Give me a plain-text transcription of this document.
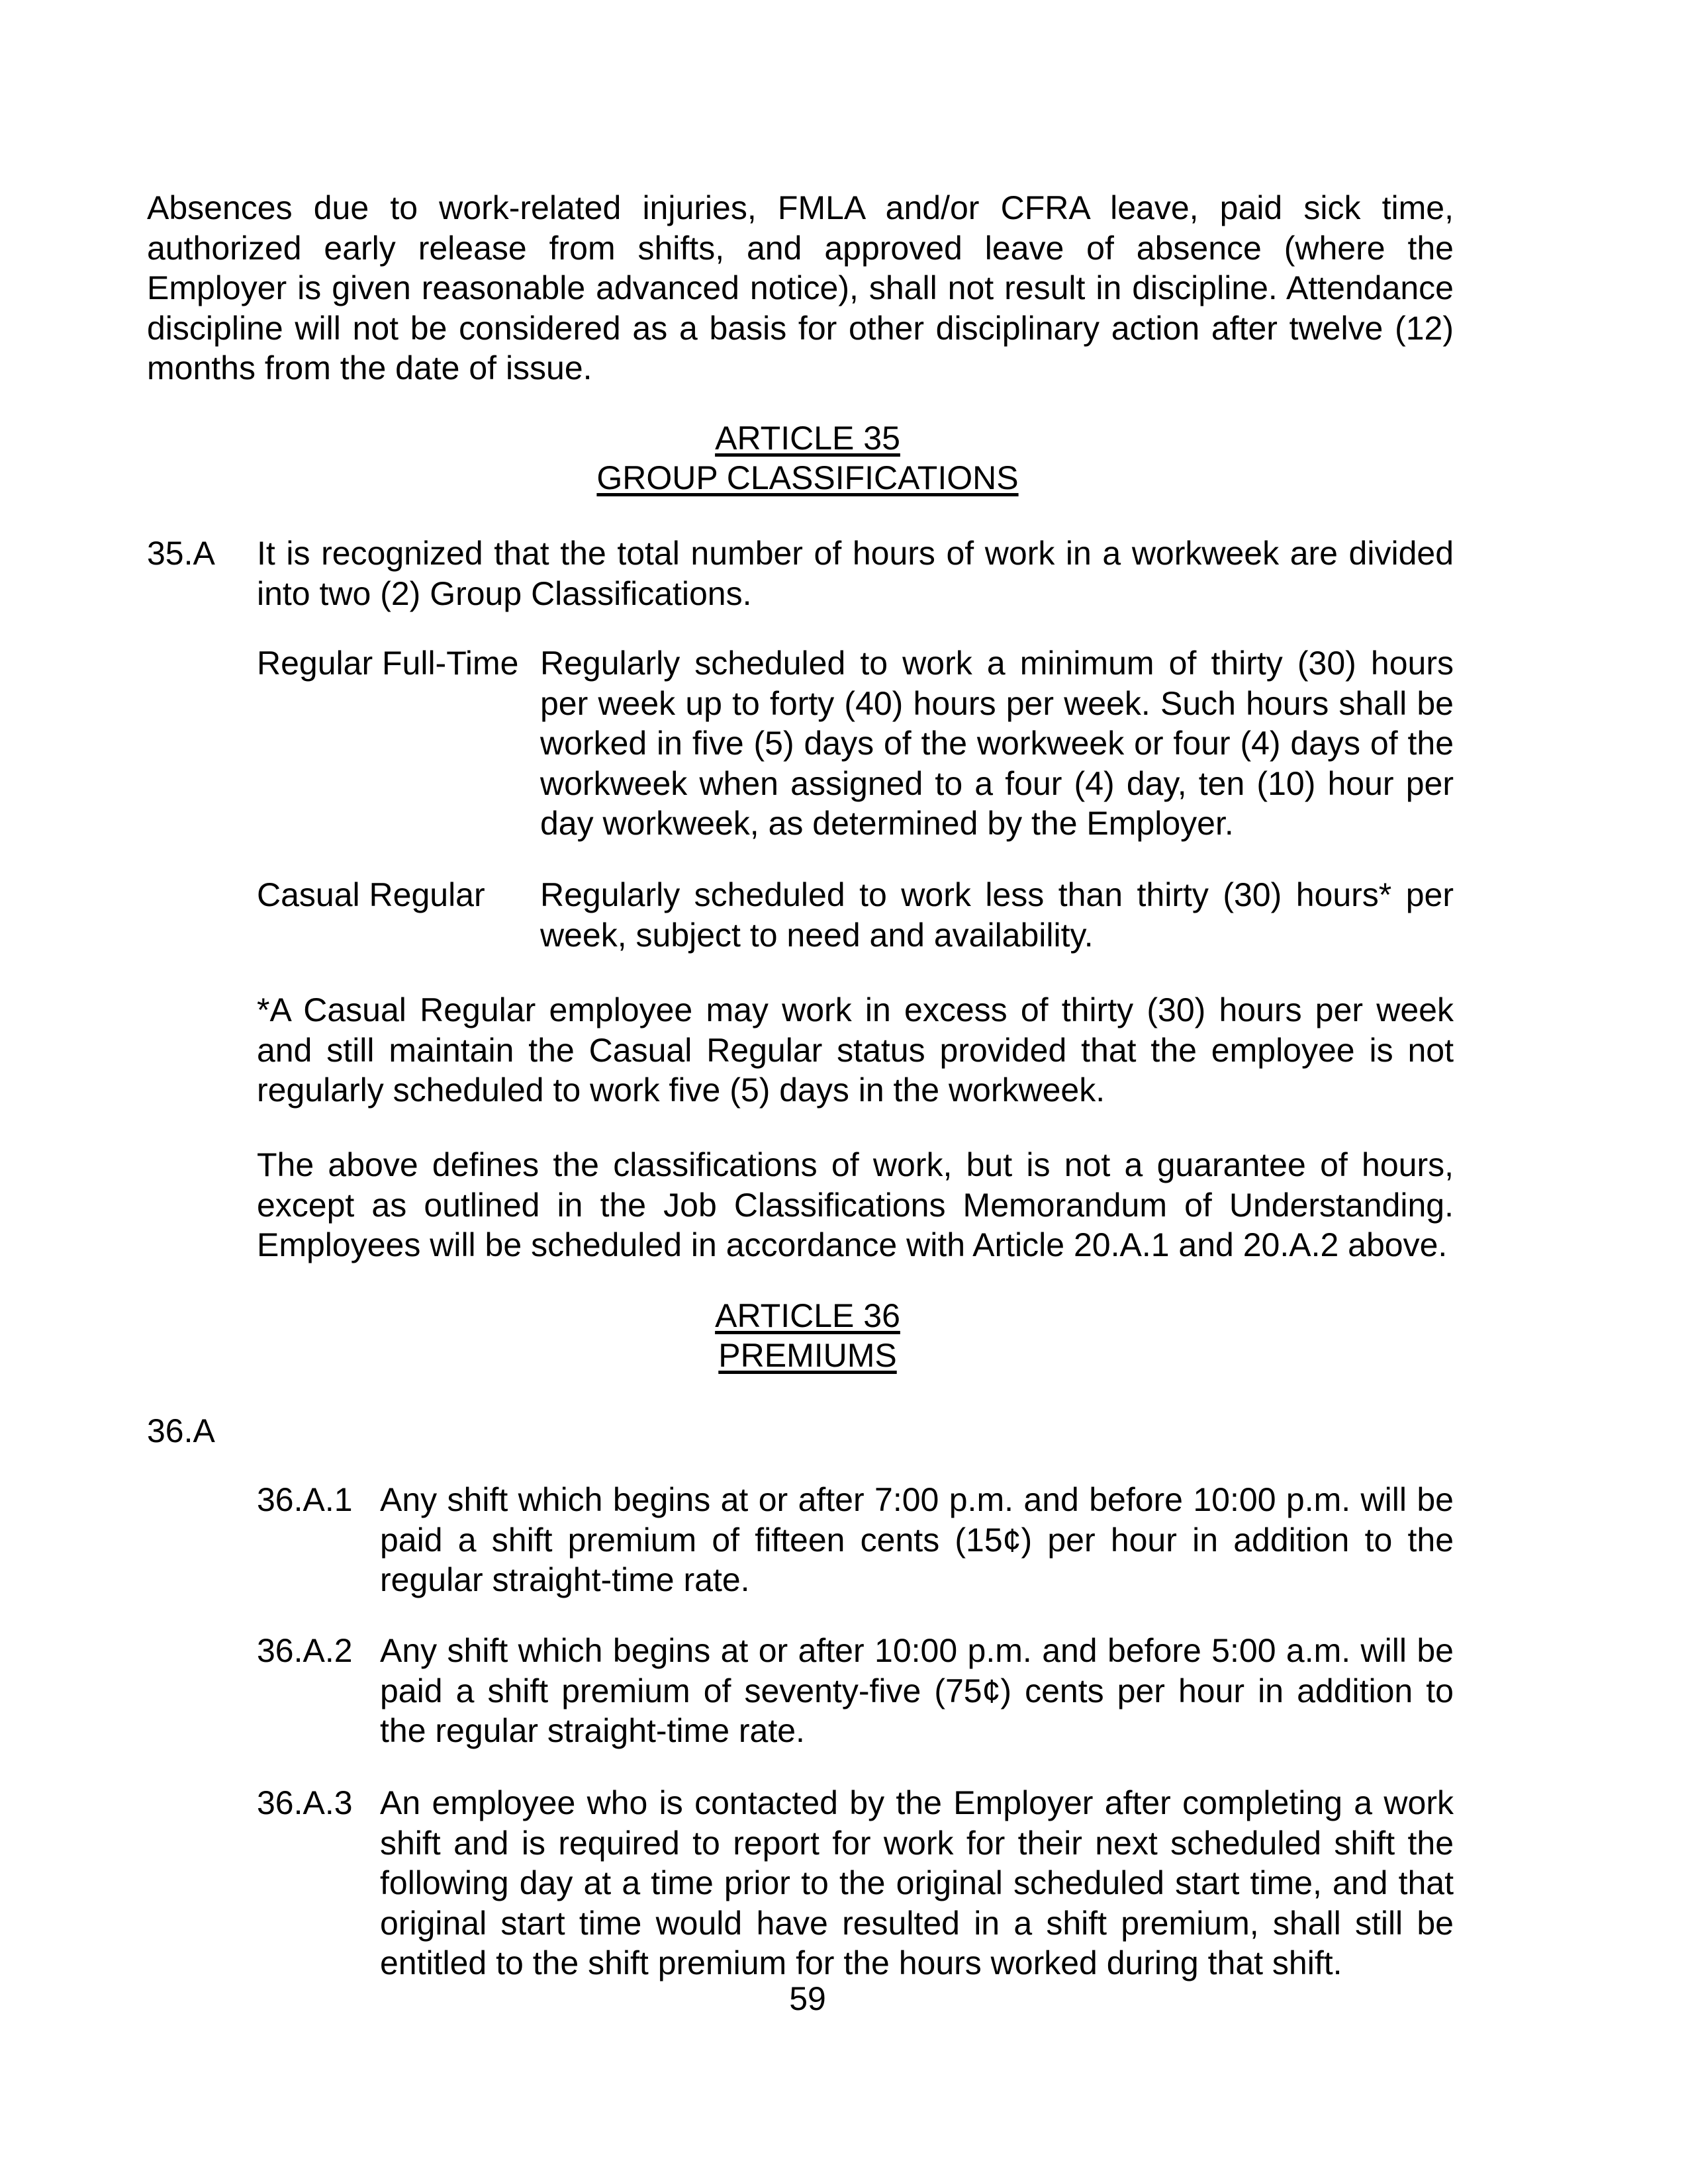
Absences due to work-related injuries, FMLA and/or CFRA leave, paid sick time, authorized early release from shifts, and approved leave of absence (where the Employer is given reasonable advanced notice), shall not result in discipline. Attendance discipline will not be considered as a basis for other disciplinary action after twelve (12) months from the date of issue.

ARTICLE 35
GROUP CLASSIFICATIONS
35.A It is recognized that the total number of hours of work in a workweek are divided into two (2) Group Classifications.

Regular Full-Time Regularly scheduled to work a minimum of thirty (30) hours per week up to forty (40) hours per week. Such hours shall be worked in five (5) days of the workweek or four (4) days of the workweek when assigned to a four (4) day, ten (10) hour per day workweek, as determined by the Employer.

Casual Regular Regularly scheduled to work less than thirty (30) hours* per week, subject to need and availability.

*A Casual Regular employee may work in excess of thirty (30) hours per week and still maintain the Casual Regular status provided that the employee is not regularly scheduled to work five (5) days in the workweek.

The above defines the classifications of work, but is not a guarantee of hours, except as outlined in the Job Classifications Memorandum of Understanding. Employees will be scheduled in accordance with Article 20.A.1 and 20.A.2 above.

ARTICLE 36
PREMIUMS
36.A
36.A.1 Any shift which begins at or after 7:00 p.m. and before 10:00 p.m. will be paid a shift premium of fifteen cents (15¢) per hour in addition to the regular straight-time rate.

36.A.2 Any shift which begins at or after 10:00 p.m. and before 5:00 a.m. will be paid a shift premium of seventy-five (75¢) cents per hour in addition to the regular straight-time rate.

36.A.3 An employee who is contacted by the Employer after completing a work shift and is required to report for work for their next scheduled shift the following day at a time prior to the original scheduled start time, and that original start time would have resulted in a shift premium, shall still be entitled to the shift premium for the hours worked during that shift.

59
